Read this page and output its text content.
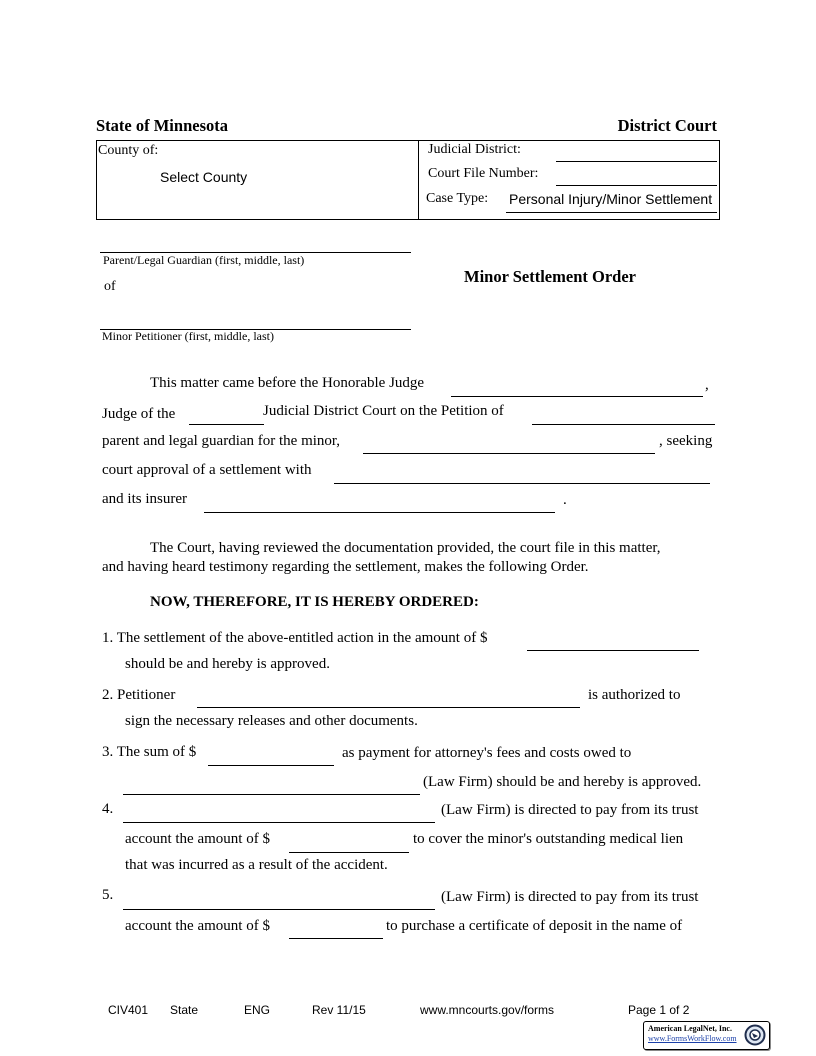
State of Minnesota	District Court
County of:
Select County
Judicial District:
Court File Number:
Case Type: Personal Injury/Minor Settlement
Parent/Legal Guardian (first, middle, last)
of
Minor Petitioner (first, middle, last)
Minor Settlement Order
This matter came before the Honorable Judge	,
Judge of the	Judicial District Court on the Petition of
parent and legal guardian for the minor,	, seeking
court approval of a settlement with
and its insurer	.
The Court, having reviewed the documentation provided, the court file in this matter,
and having heard testimony regarding the settlement, makes the following Order.
NOW, THEREFORE, IT IS HEREBY ORDERED:
1. The settlement of the above-entitled action in the amount of $
should be and hereby is approved.
2. Petitioner	is authorized to
sign the necessary releases and other documents.
3. The sum of $	as payment for attorney's fees and costs owed to
(Law Firm) should be and hereby is approved.
4.	(Law Firm) is directed to pay from its trust
account the amount of $	to cover the minor's outstanding medical lien
that was incurred as a result of the accident.
5.	(Law Firm) is directed to pay from its trust
account the amount of $	to purchase a certificate of deposit in the name of
CIV401 State	ENG	Rev 11/15	www.mncourts.gov/forms	Page 1 of 2
American LegalNet, Inc.
www.FormsWorkFlow.com
